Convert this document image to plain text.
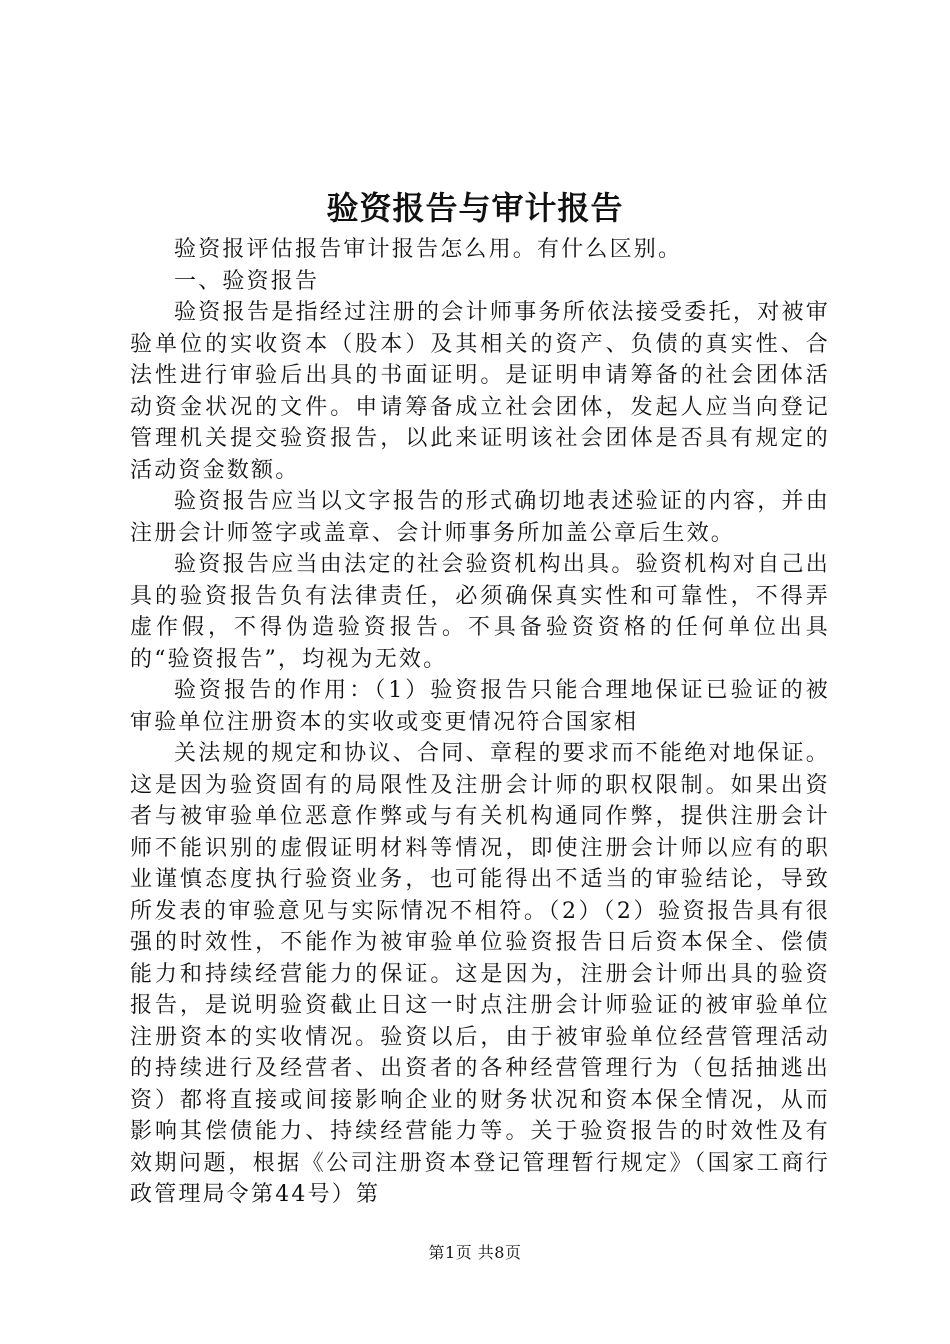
验资报告与审计报告

验资报评估报告审计报告怎么用。有什么区别。

一、验资报告

验资报告是指经过注册的会计师事务所依法接受委托，对被审验单位的实收资本（股本）及其相关的资产、负债的真实性、合法性进行审验后出具的书面证明。是证明申请筹备的社会团体活动资金状况的文件。申请筹备成立社会团体，发起人应当向登记管理机关提交验资报告，以此来证明该社会团体是否具有规定的活动资金数额。

验资报告应当以文字报告的形式确切地表述验证的内容，并由注册会计师签字或盖章、会计师事务所加盖公章后生效。

验资报告应当由法定的社会验资机构出具。验资机构对自己出具的验资报告负有法律责任，必须确保真实性和可靠性，不得弄虚作假，不得伪造验资报告。不具备验资资格的任何单位出具的“验资报告”，均视为无效。

验资报告的作用：（1）验资报告只能合理地保证已验证的被审验单位注册资本的实收或变更情况符合国家相

关法规的规定和协议、合同、章程的要求而不能绝对地保证。这是因为验资固有的局限性及注册会计师的职权限制。如果出资者与被审验单位恶意作弊或与有关机构通同作弊，提供注册会计师不能识别的虚假证明材料等情况，即使注册会计师以应有的职业谨慎态度执行验资业务，也可能得出不适当的审验结论，导致所发表的审验意见与实际情况不相符。（2）（2）验资报告具有很强的时效性，不能作为被审验单位验资报告日后资本保全、偿债能力和持续经营能力的保证。这是因为，注册会计师出具的验资报告，是说明验资截止日这一时点注册会计师验证的被审验单位注册资本的实收情况。验资以后，由于被审验单位经营管理活动的持续进行及经营者、出资者的各种经营管理行为（包括抽逃出资）都将直接或间接影响企业的财务状况和资本保全情况，从而影响其偿债能力、持续经营能力等。关于验资报告的时效性及有效期问题，根据《公司注册资本登记管理暂行规定》（国家工商行政管理局令第44号）第

第1页 共8页
